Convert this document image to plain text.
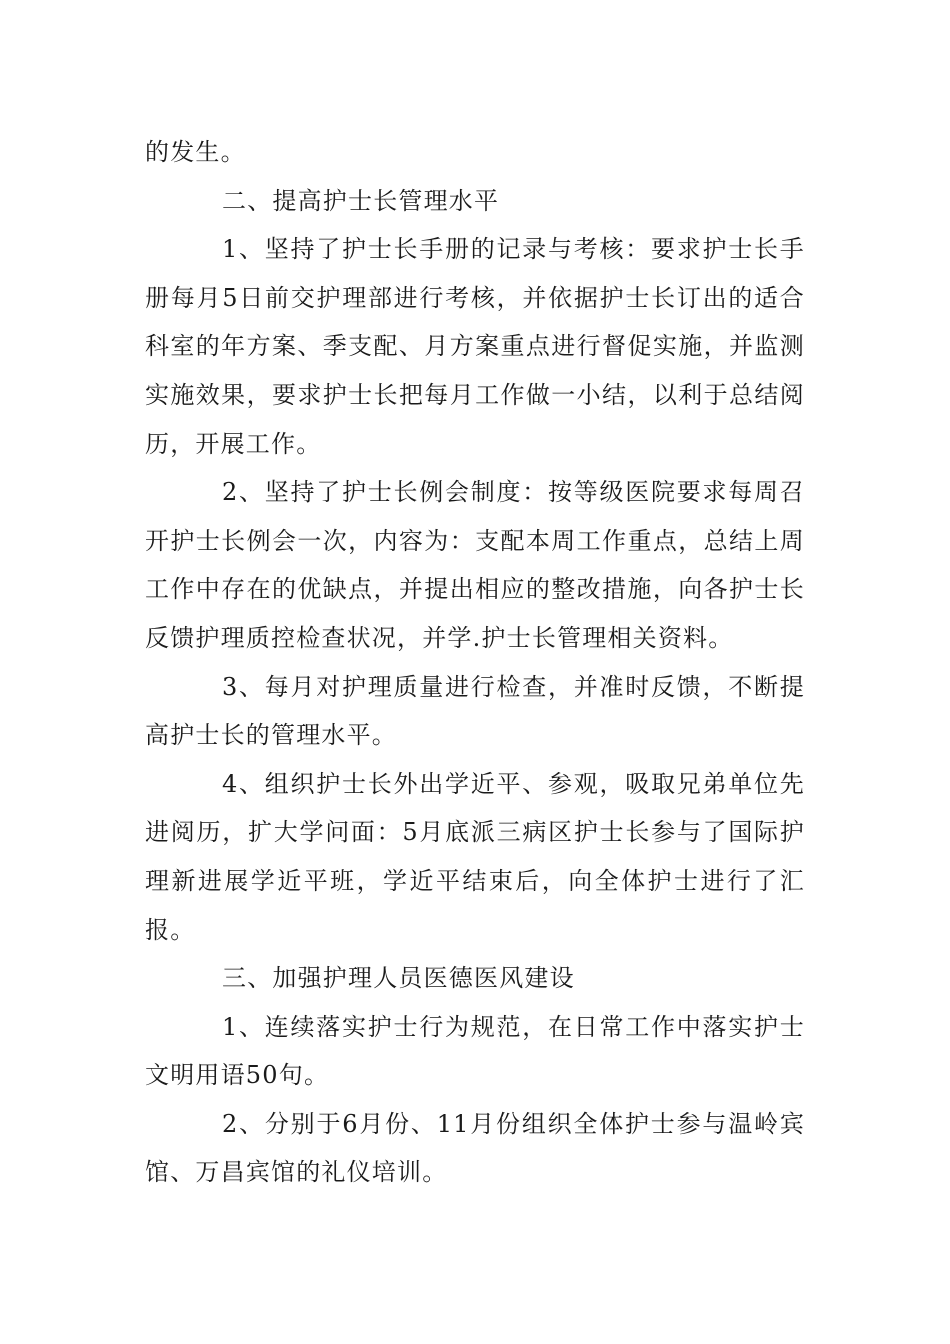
的发生。

二、提高护士长管理水平

1、坚持了护士长手册的记录与考核：要求护士长手册每月5日前交护理部进行考核，并依据护士长订出的适合科室的年方案、季支配、月方案重点进行督促实施，并监测实施效果，要求护士长把每月工作做一小结，以利于总结阅历，开展工作。

2、坚持了护士长例会制度：按等级医院要求每周召开护士长例会一次，内容为：支配本周工作重点，总结上周工作中存在的优缺点，并提出相应的整改措施，向各护士长反馈护理质控检查状况，并学.护士长管理相关资料。

3、每月对护理质量进行检查，并准时反馈，不断提高护士长的管理水平。

4、组织护士长外出学近平、参观，吸取兄弟单位先进阅历，扩大学问面：5月底派三病区护士长参与了国际护理新进展学近平班，学近平结束后，向全体护士进行了汇报。

三、加强护理人员医德医风建设

1、连续落实护士行为规范，在日常工作中落实护士文明用语50句。

2、分别于6月份、11月份组织全体护士参与温岭宾馆、万昌宾馆的礼仪培训。
